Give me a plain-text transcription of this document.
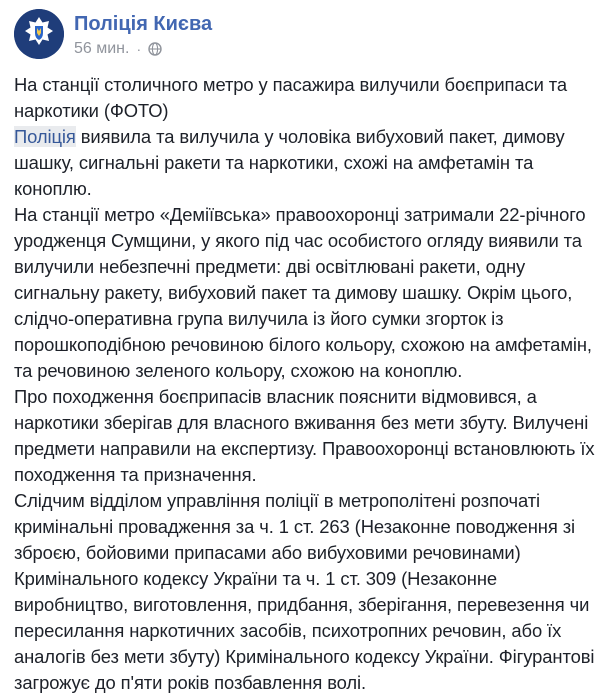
Поліція Києва
56 мин. ·

На станції столичного метро у пасажира вилучили боєприпаси та наркотики (ФОТО)

Поліція виявила та вилучила у чоловіка вибуховий пакет, димову шашку, сигнальні ракети та наркотики, схожі на амфетамін та коноплю.

На станції метро «Деміївська» правоохоронці затримали 22-річного уродженця Сумщини, у якого під час особистого огляду виявили та вилучили небезпечні предмети: дві освітлювані ракети, одну сигнальну ракету, вибуховий пакет та димову шашку. Окрім цього, слідчо-оперативна група вилучила із його сумки згорток із порошкоподібною речовиною білого кольору, схожою на амфетамін, та речовиною зеленого кольору, схожою на коноплю.

Про походження боєприпасів власник пояснити відмовився, а наркотики зберігав для власного вживання без мети збуту. Вилучені предмети направили на експертизу. Правоохоронці встановлюють їх походження та призначення.

Слідчим відділом управління поліції в метрополітені розпочаті кримінальні провадження за ч. 1 ст. 263 (Незаконне поводження зі зброєю, бойовими припасами або вибуховими речовинами) Кримінального кодексу України та ч. 1 ст. 309 (Незаконне виробництво, виготовлення, придбання, зберігання, перевезення чи пересилання наркотичних засобів, психотропних речовин, або їх аналогів без мети збуту) Кримінального кодексу України. Фігурантові загрожує до п'яти років позбавлення волі.
